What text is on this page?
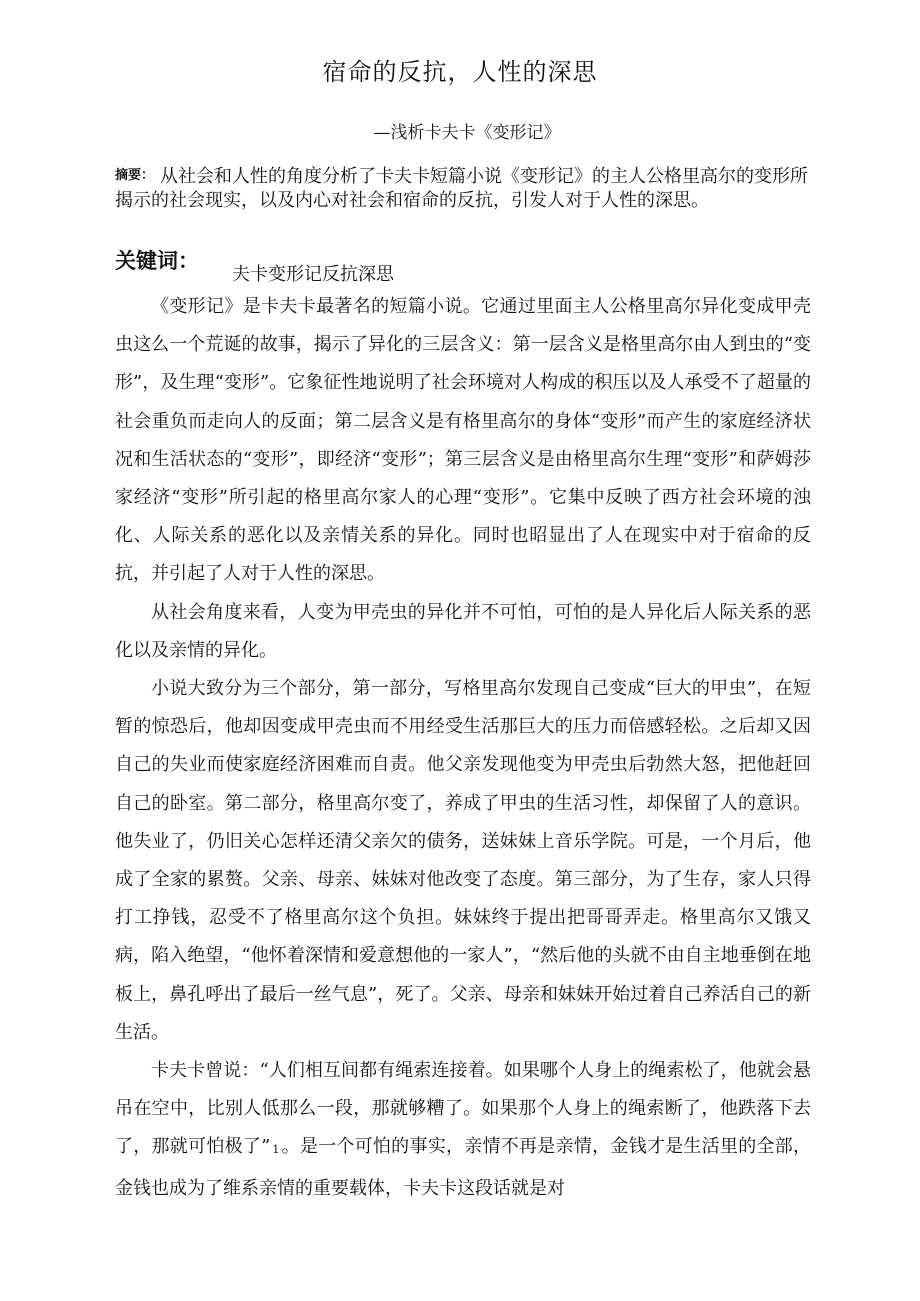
宿命的反抗，人性的深思
—浅析卡夫卡《变形记》
摘要： 从社会和人性的角度分析了卡夫卡短篇小说《变形记》的主人公格里高尔的变形所揭示的社会现实，以及内心对社会和宿命的反抗，引发人对于人性的深思。
关键词：
夫卡变形记反抗深思

《变形记》是卡夫卡最著名的短篇小说。它通过里面主人公格里高尔异化变成甲壳虫这么一个荒诞的故事，揭示了异化的三层含义：第一层含义是格里高尔由人到虫的“变形”，及生理“变形”。它象征性地说明了社会环境对人构成的积压以及人承受不了超量的社会重负而走向人的反面；第二层含义是有格里高尔的身体“变形”而产生的家庭经济状况和生活状态的“变形”，即经济“变形”；第三层含义是由格里高尔生理“变形”和萨姆莎家经济“变形”所引起的格里高尔家人的心理“变形”。它集中反映了西方社会环境的浊化、人际关系的恶化以及亲情关系的异化。同时也昭显出了人在现实中对于宿命的反抗，并引起了人对于人性的深思。

从社会角度来看，人变为甲壳虫的异化并不可怕，可怕的是人异化后人际关系的恶化以及亲情的异化。

小说大致分为三个部分，第一部分，写格里高尔发现自己变成“巨大的甲虫”，在短暂的惊恐后，他却因变成甲壳虫而不用经受生活那巨大的压力而倍感轻松。之后却又因自己的失业而使家庭经济困难而自责。他父亲发现他变为甲壳虫后勃然大怒，把他赶回自己的卧室。第二部分，格里高尔变了，养成了甲虫的生活习性，却保留了人的意识。他失业了，仍旧关心怎样还清父亲欠的债务，送妹妹上音乐学院。可是，一个月后，他成了全家的累赘。父亲、母亲、妹妹对他改变了态度。第三部分，为了生存，家人只得打工挣钱，忍受不了格里高尔这个负担。妹妹终于提出把哥哥弄走。格里高尔又饿又病，陷入绝望，“他怀着深情和爱意想他的一家人”，“然后他的头就不由自主地垂倒在地板上，鼻孔呼出了最后一丝气息”，死了。父亲、母亲和妹妹开始过着自己养活自己的新生活。

卡夫卡曾说：“人们相互间都有绳索连接着。如果哪个人身上的绳索松了，他就会悬吊在空中，比别人低那么一段，那就够糟了。如果那个人身上的绳索断了，他跌落下去了，那就可怕极了” $^1$ 。是一个可怕的事实，亲情不再是亲情，金钱才是生活里的全部，金钱也成为了维系亲情的重要载体，卡夫卡这段话就是对
